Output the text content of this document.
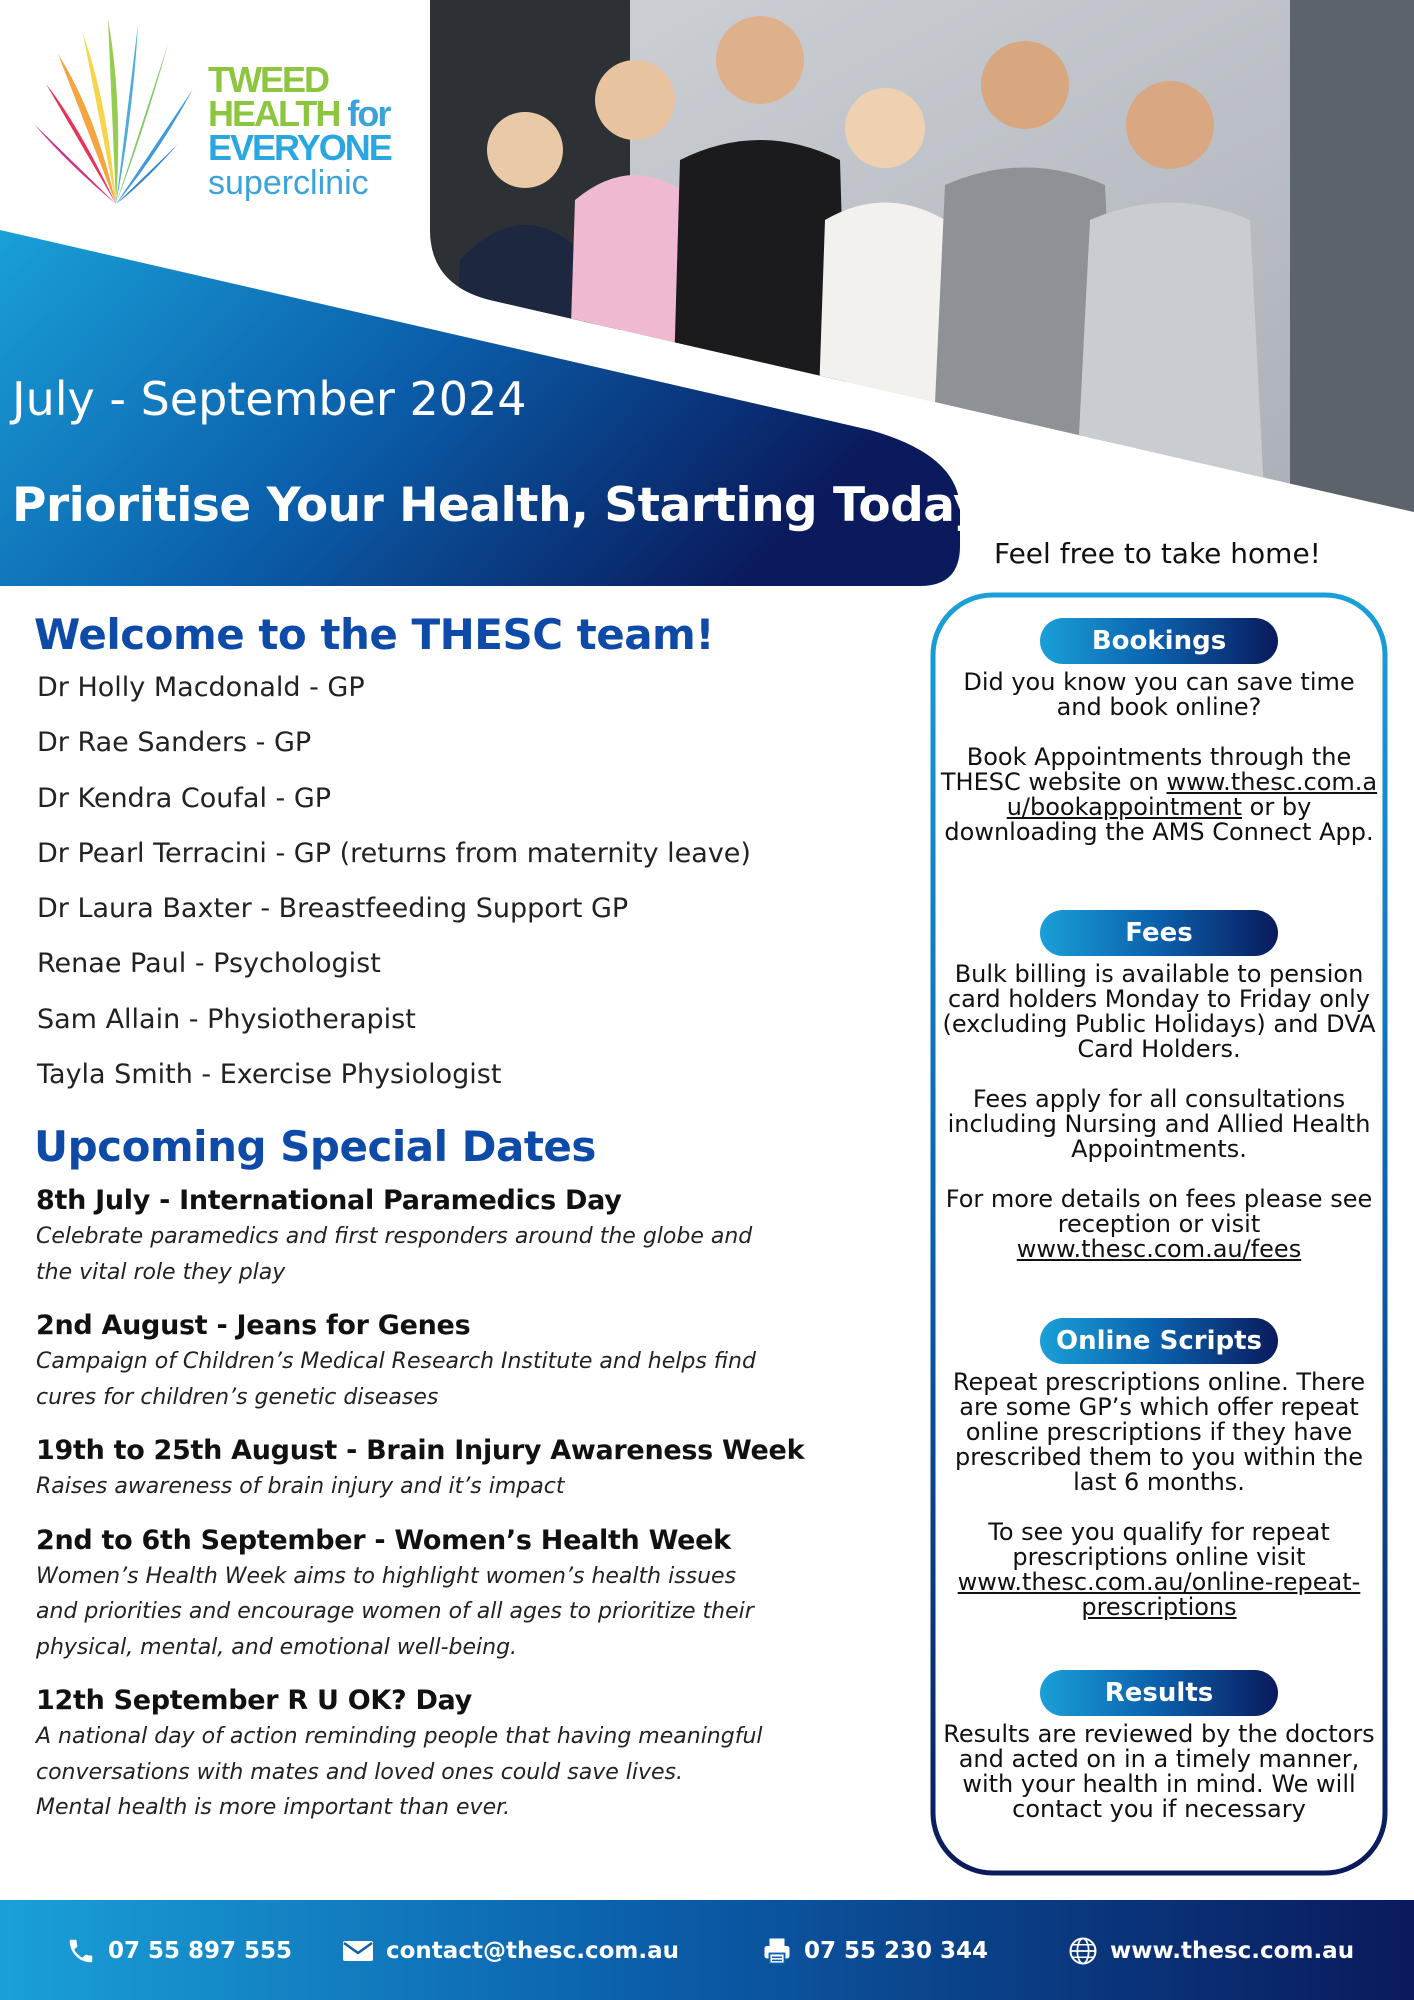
TWEED
HEALTH for
EVERYONE
superclinic
July - September 2024
Prioritise Your Health, Starting Today
Feel free to take home!
Welcome to the THESC team!
Dr Holly Macdonald - GP
Dr Rae Sanders - GP
Dr Kendra Coufal - GP
Dr Pearl Terracini - GP (returns from maternity leave)
Dr Laura Baxter - Breastfeeding Support GP
Renae Paul - Psychologist
Sam Allain - Physiotherapist
Tayla Smith - Exercise Physiologist
Upcoming Special Dates
8th July - International Paramedics Day
Celebrate paramedics and first responders around the globe and
the vital role they play
2nd August - Jeans for Genes
Campaign of Children’s Medical Research Institute and helps find
cures for children’s genetic diseases
19th to 25th August - Brain Injury Awareness Week
Raises awareness of brain injury and it’s impact
2nd to 6th September - Women’s Health Week
Women’s Health Week aims to highlight women’s health issues
and priorities and encourage women of all ages to prioritize their
physical, mental, and emotional well-being.
12th September R U OK? Day
A national day of action reminding people that having meaningful
conversations with mates and loved ones could save lives.
Mental health is more important than ever.
Bookings

Did you know you can save time and book online?

Book Appointments through the THESC website on www.thesc.com.au/bookappointment or by downloading the AMS Connect App.

Fees

Bulk billing is available to pension card holders Monday to Friday only (excluding Public Holidays) and DVA Card Holders.

Fees apply for all consultations including Nursing and Allied Health Appointments.

For more details on fees please see reception or visit www.thesc.com.au/fees

Online Scripts

Repeat prescriptions online. There are some GP’s which offer repeat online prescriptions if they have prescribed them to you within the last 6 months.

To see you qualify for repeat prescriptions online visit www.thesc.com.au/online-repeat-prescriptions

Results

Results are reviewed by the doctors and acted on in a timely manner, with your health in mind. We will contact you if necessary

07 55 897 555	contact@thesc.com.au	07 55 230 344	www.thesc.com.au
